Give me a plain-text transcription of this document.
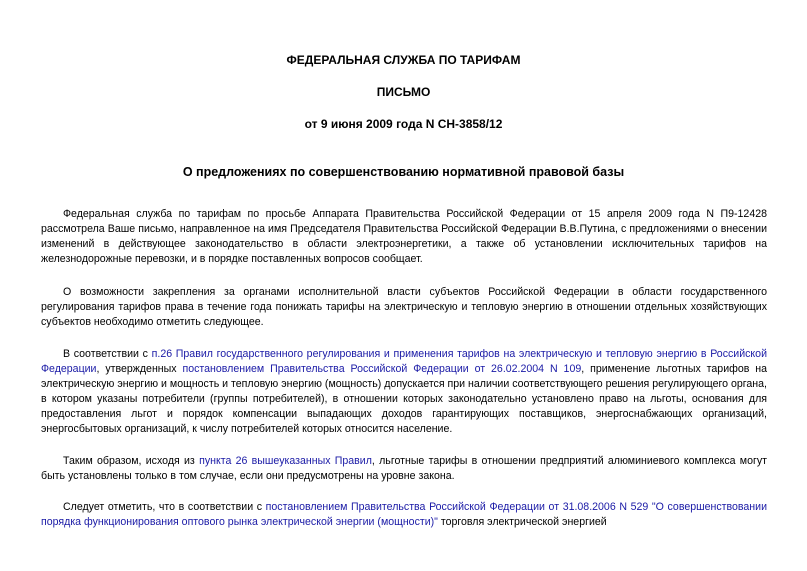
ФЕДЕРАЛЬНАЯ СЛУЖБА ПО ТАРИФАМ

ПИСЬМО

от 9 июня 2009 года N СН-3858/12

О предложениях по совершенствованию нормативной правовой базы

Федеральная служба по тарифам по просьбе Аппарата Правительства Российской Федерации от 15 апреля 2009 года N П9-12428 рассмотрела Ваше письмо, направленное на имя Председателя Правительства Российской Федерации В.В.Путина, с предложениями о внесении изменений в действующее законодательство в области электроэнергетики, а также об установлении исключительных тарифов на железнодорожные перевозки, и в порядке поставленных вопросов сообщает.

О возможности закрепления за органами исполнительной власти субъектов Российской Федерации в области государственного регулирования тарифов права в течение года понижать тарифы на электрическую и тепловую энергию в отношении отдельных хозяйствующих субъектов необходимо отметить следующее.

В соответствии с п.26 Правил государственного регулирования и применения тарифов на электрическую и тепловую энергию в Российской Федерации, утвержденных постановлением Правительства Российской Федерации от 26.02.2004 N 109, применение льготных тарифов на электрическую энергию и мощность и тепловую энергию (мощность) допускается при наличии соответствующего решения регулирующего органа, в котором указаны потребители (группы потребителей), в отношении которых законодательно установлено право на льготы, основания для предоставления льгот и порядок компенсации выпадающих доходов гарантирующих поставщиков, энергоснабжающих организаций, энергосбытовых организаций, к числу потребителей которых относится население.

Таким образом, исходя из пункта 26 вышеуказанных Правил, льготные тарифы в отношении предприятий алюминиевого комплекса могут быть установлены только в том случае, если они предусмотрены на уровне закона.

Следует отметить, что в соответствии с постановлением Правительства Российской Федерации от 31.08.2006 N 529 "О совершенствовании порядка функционирования оптового рынка электрической энергии (мощности)" торговля электрической энергией
